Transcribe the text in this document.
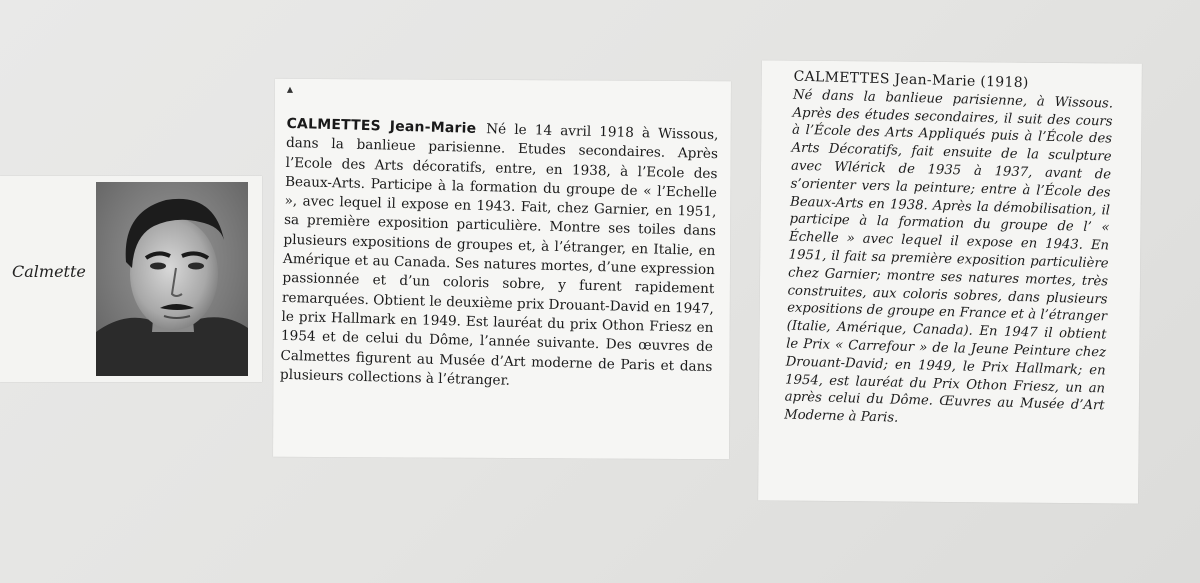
Calmette
▲
CALMETTES Jean-Marie Né le 14 avril 1918 à Wissous, dans la banlieue parisienne. Etudes secondaires. Après l’Ecole des Arts décoratifs, entre, en 1938, à l’Ecole des Beaux-Arts. Participe à la formation du groupe de « l’Echelle », avec lequel il expose en 1943. Fait, chez Garnier, en 1951, sa première exposition particulière. Montre ses toiles dans plusieurs expositions de groupes et, à l’étranger, en Italie, en Amérique et au Canada. Ses natures mortes, d’une expression passionnée et d’un coloris sobre, y furent rapidement remarquées. Obtient le deuxième prix Drouant-David en 1947, le prix Hallmark en 1949. Est lauréat du prix Othon Friesz en 1954 et de celui du Dôme, l’année suivante. Des œuvres de Calmettes figurent au Musée d’Art moderne de Paris et dans plusieurs collections à l’étranger.
CALMETTES Jean-Marie (1918)
Né dans la banlieue parisienne, à Wissous. Après des études secondaires, il suit des cours à l’École des Arts Appliqués puis à l’École des Arts Décoratifs, fait ensuite de la sculpture avec Wlérick de 1935 à 1937, avant de s’orienter vers la peinture; entre à l’École des Beaux-Arts en 1938. Après la démobilisation, il participe à la formation du groupe de l’ « Échelle » avec lequel il expose en 1943. En 1951, il fait sa première exposition particulière chez Garnier; montre ses natures mortes, très construites, aux coloris sobres, dans plusieurs expositions de groupe en France et à l’étranger (Italie, Amérique, Canada). En 1947 il obtient le Prix « Carrefour » de la Jeune Peinture chez Drouant-David; en 1949, le Prix Hallmark; en 1954, est lauréat du Prix Othon Friesz, un an après celui du Dôme. Œuvres au Musée d’Art Moderne à Paris.
